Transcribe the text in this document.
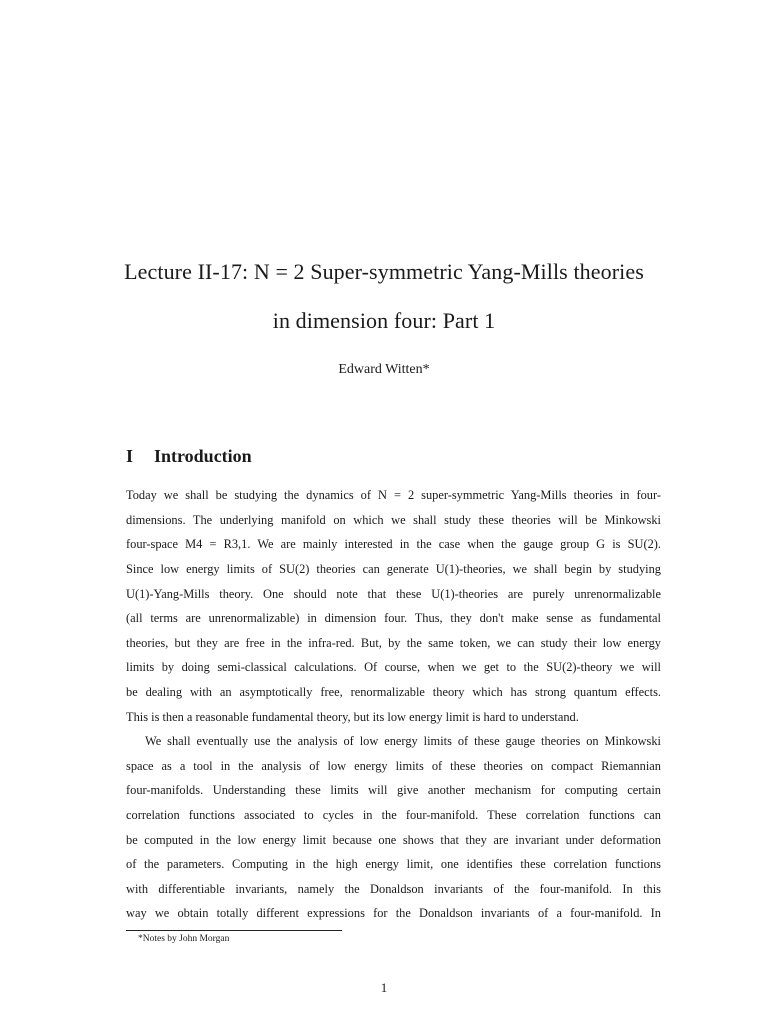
Lecture II-17: N = 2 Super-symmetric Yang-Mills theories
in dimension four: Part 1
Edward Witten*
I Introduction
Today we shall be studying the dynamics of N = 2 super-symmetric Yang-Mills theories in four-
dimensions. The underlying manifold on which we shall study these theories will be Minkowski
four-space M4 = R3,1. We are mainly interested in the case when the gauge group G is SU(2).
Since low energy limits of SU(2) theories can generate U(1)-theories, we shall begin by studying
U(1)-Yang-Mills theory. One should note that these U(1)-theories are purely unrenormalizable
(all terms are unrenormalizable) in dimension four. Thus, they don't make sense as fundamental
theories, but they are free in the infra-red. But, by the same token, we can study their low energy
limits by doing semi-classical calculations. Of course, when we get to the SU(2)-theory we will
be dealing with an asymptotically free, renormalizable theory which has strong quantum effects.
This is then a reasonable fundamental theory, but its low energy limit is hard to understand.
We shall eventually use the analysis of low energy limits of these gauge theories on Minkowski
space as a tool in the analysis of low energy limits of these theories on compact Riemannian
four-manifolds. Understanding these limits will give another mechanism for computing certain
correlation functions associated to cycles in the four-manifold. These correlation functions can
be computed in the low energy limit because one shows that they are invariant under deformation
of the parameters. Computing in the high energy limit, one identifies these correlation functions
with differentiable invariants, namely the Donaldson invariants of the four-manifold. In this
way we obtain totally different expressions for the Donaldson invariants of a four-manifold. In
*Notes by John Morgan
1
